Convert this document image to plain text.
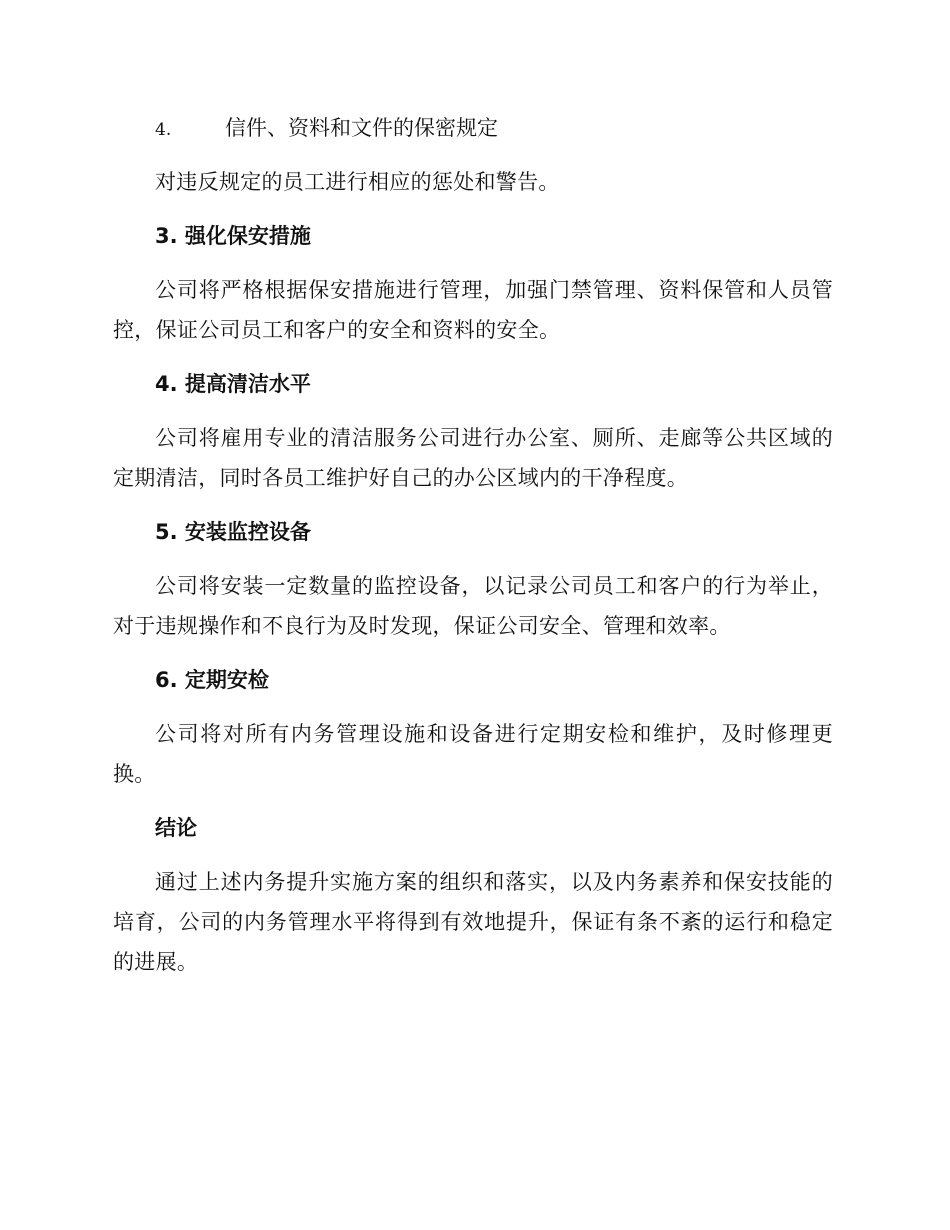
4.	信件、资料和文件的保密规定

对违反规定的员工进行相应的惩处和警告。

3. 强化保安措施

公司将严格根据保安措施进行管理，加强门禁管理、资料保管和人员管控，保证公司员工和客户的安全和资料的安全。

4. 提高清洁水平

公司将雇用专业的清洁服务公司进行办公室、厕所、走廊等公共区域的定期清洁，同时各员工维护好自己的办公区域内的干净程度。

5. 安装监控设备

公司将安装一定数量的监控设备，以记录公司员工和客户的行为举止，对于违规操作和不良行为及时发现，保证公司安全、管理和效率。

6. 定期安检

公司将对所有内务管理设施和设备进行定期安检和维护，及时修理更换。

结论

通过上述内务提升实施方案的组织和落实，以及内务素养和保安技能的培育，公司的内务管理水平将得到有效地提升，保证有条不紊的运行和稳定的进展。
